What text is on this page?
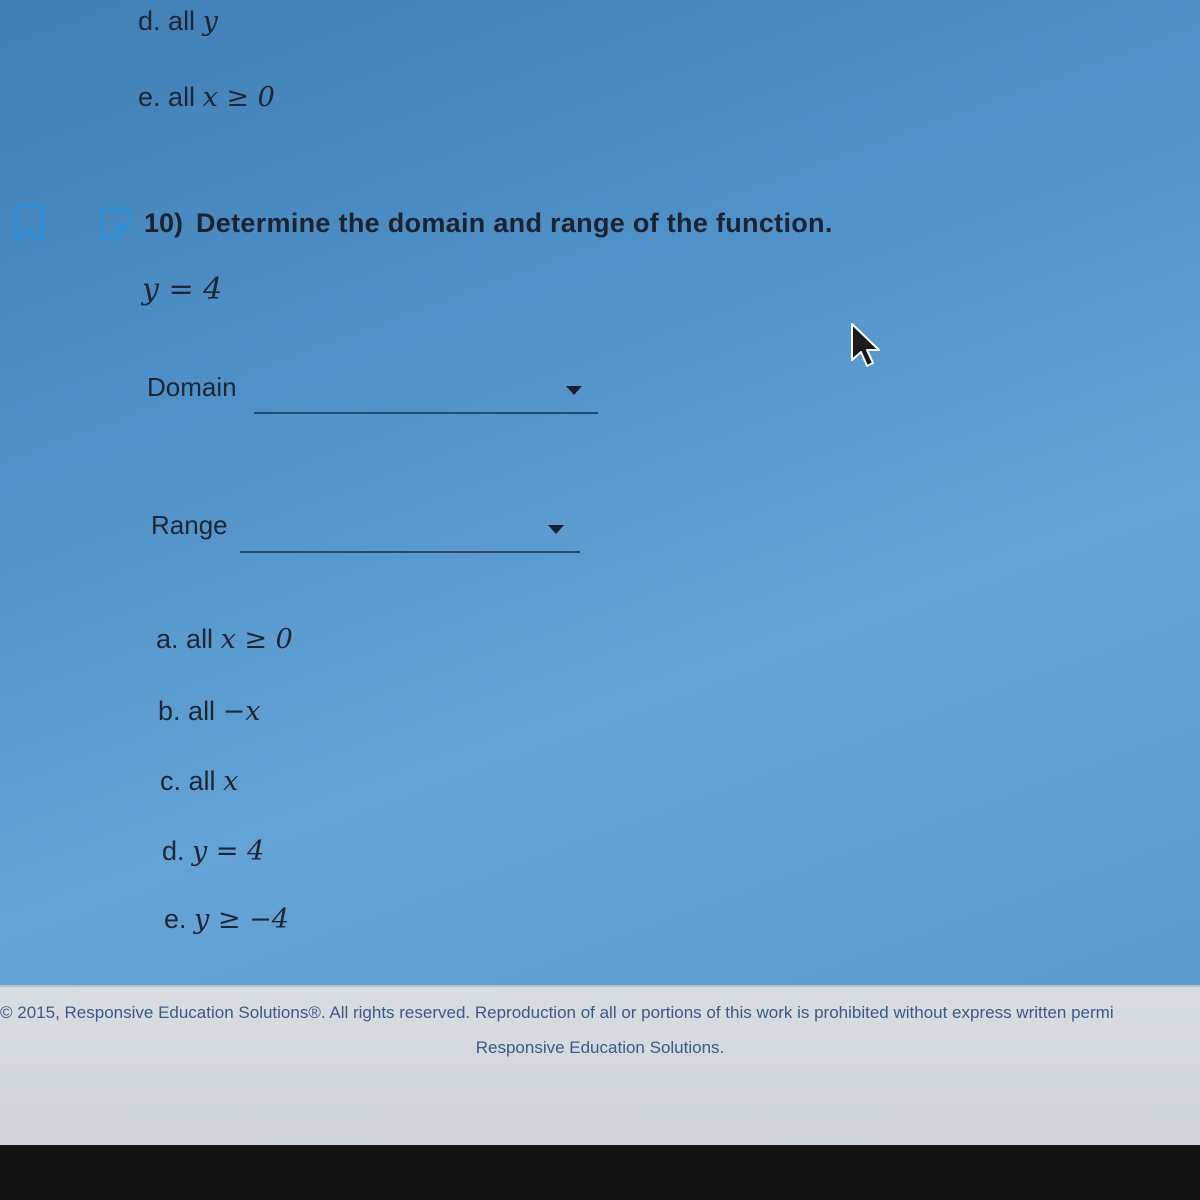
d. all y
e. all x ≥ 0
10) Determine the domain and range of the function.
y = 4
Domain
Range
a. all x ≥ 0
b. all −x
c. all x
d. y = 4
e. y ≥ −4
© 2015, Responsive Education Solutions®. All rights reserved. Reproduction of all or portions of this work is prohibited without express written permi
Responsive Education Solutions.
